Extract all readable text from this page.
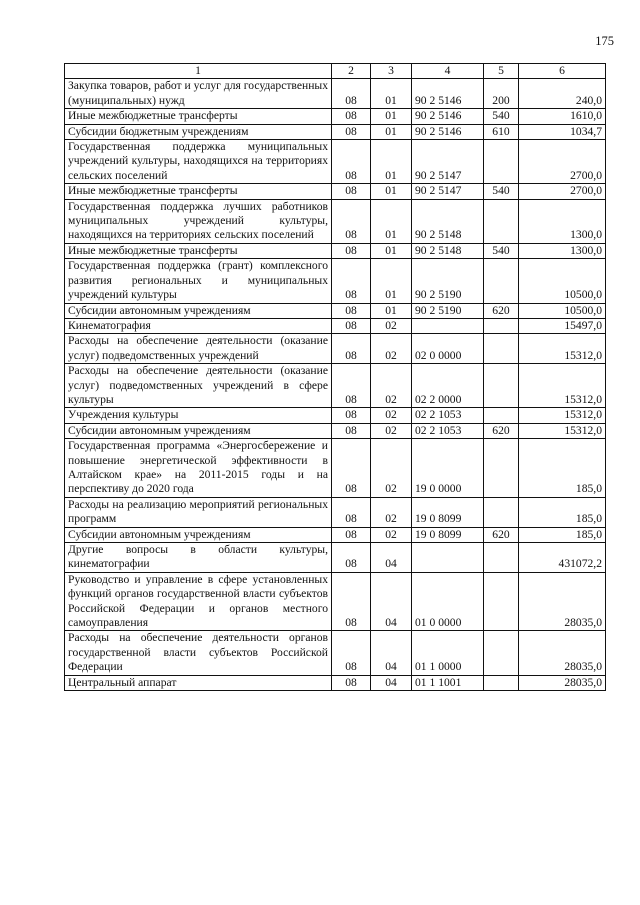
175
1	2	3	4	5	6
Закупка товаров, работ и услуг для государственных (муниципальных) нужд	08	01	90 2 5146	200	240,0
Иные межбюджетные трансферты	08	01	90 2 5146	540	1610,0
Субсидии бюджетным учреждениям	08	01	90 2 5146	610	1034,7
Государственная поддержка муниципальных учреждений культуры, находящихся на территориях сельских поселений	08	01	90 2 5147		2700,0
Иные межбюджетные трансферты	08	01	90 2 5147	540	2700,0
Государственная поддержка лучших работников муниципальных учреждений культуры, находящихся на территориях сельских поселений	08	01	90 2 5148		1300,0
Иные межбюджетные трансферты	08	01	90 2 5148	540	1300,0
Государственная поддержка (грант) комплексного развития региональных и муниципальных учреждений культуры	08	01	90 2 5190		10500,0
Субсидии автономным учреждениям	08	01	90 2 5190	620	10500,0
Кинематография	08	02			15497,0
Расходы на обеспечение деятельности (оказание услуг) подведомственных учреждений	08	02	02 0 0000		15312,0
Расходы на обеспечение деятельности (оказание услуг) подведомственных учреждений в сфере культуры	08	02	02 2 0000		15312,0
Учреждения культуры	08	02	02 2 1053		15312,0
Субсидии автономным учреждениям	08	02	02 2 1053	620	15312,0
Государственная программа «Энергосбережение и повышение энергетической эффективности в Алтайском крае» на 2011-2015 годы и на перспективу до 2020 года	08	02	19 0 0000		185,0
Расходы на реализацию мероприятий региональных программ	08	02	19 0 8099		185,0
Субсидии автономным учреждениям	08	02	19 0 8099	620	185,0
Другие вопросы в области культуры, кинематографии	08	04			431072,2
Руководство и управление в сфере установленных функций органов государственной власти субъектов Российской Федерации и органов местного самоуправления	08	04	01 0 0000		28035,0
Расходы на обеспечение деятельности органов государственной власти субъектов Российской Федерации	08	04	01 1 0000		28035,0
Центральный аппарат	08	04	01 1 1001		28035,0
